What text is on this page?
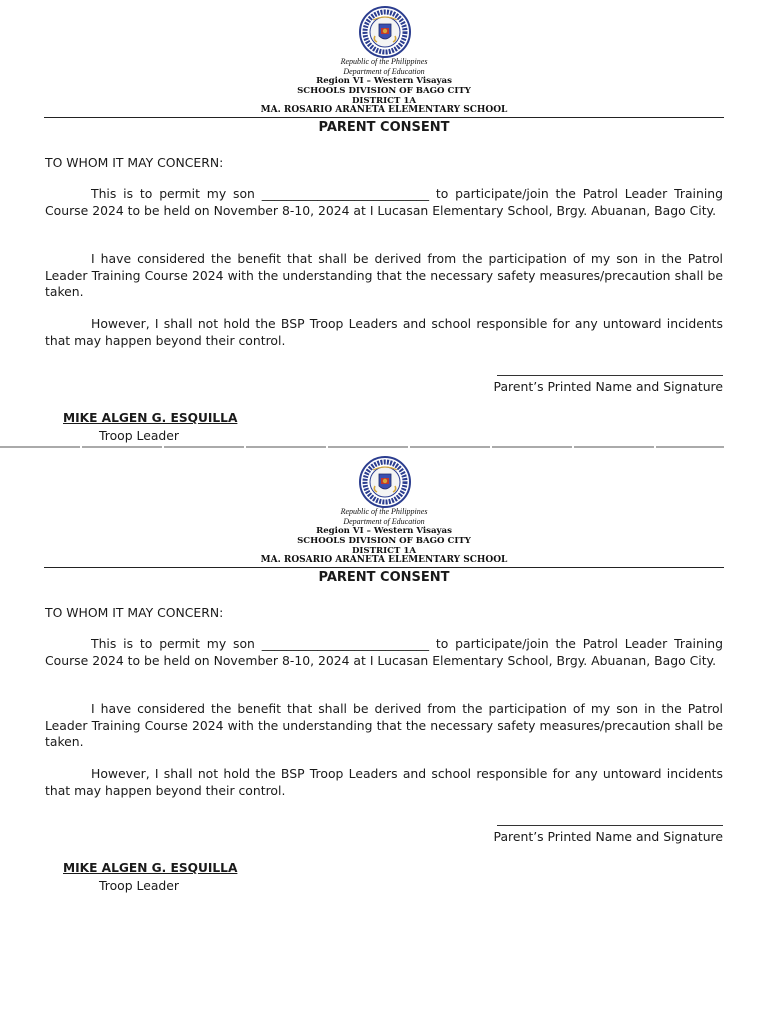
Republic of the Philippines
Department of Education
Region VI – Western Visayas
SCHOOLS DIVISION OF BAGO CITY
DISTRICT 1A
MA. ROSARIO ARANETA ELEMENTARY SCHOOL
PARENT CONSENT
TO WHOM IT MAY CONCERN:
This is to permit my son ___________________________ to participate/join the Patrol Leader Training Course 2024 to be held on November 8-10, 2024 at I Lucasan Elementary School, Brgy. Abuanan, Bago City.
I have considered the benefit that shall be derived from the participation of my son in the Patrol Leader Training Course 2024 with the understanding that the necessary safety measures/precaution shall be taken.
However, I shall not hold the BSP Troop Leaders and school responsible for any untoward incidents that may happen beyond their control.
Parent’s Printed Name and Signature
MIKE ALGEN G. ESQUILLA
Troop Leader
Republic of the Philippines
Department of Education
Region VI – Western Visayas
SCHOOLS DIVISION OF BAGO CITY
DISTRICT 1A
MA. ROSARIO ARANETA ELEMENTARY SCHOOL
PARENT CONSENT
TO WHOM IT MAY CONCERN:
This is to permit my son ___________________________ to participate/join the Patrol Leader Training Course 2024 to be held on November 8-10, 2024 at I Lucasan Elementary School, Brgy. Abuanan, Bago City.
I have considered the benefit that shall be derived from the participation of my son in the Patrol Leader Training Course 2024 with the understanding that the necessary safety measures/precaution shall be taken.
However, I shall not hold the BSP Troop Leaders and school responsible for any untoward incidents that may happen beyond their control.
Parent’s Printed Name and Signature
MIKE ALGEN G. ESQUILLA
Troop Leader
